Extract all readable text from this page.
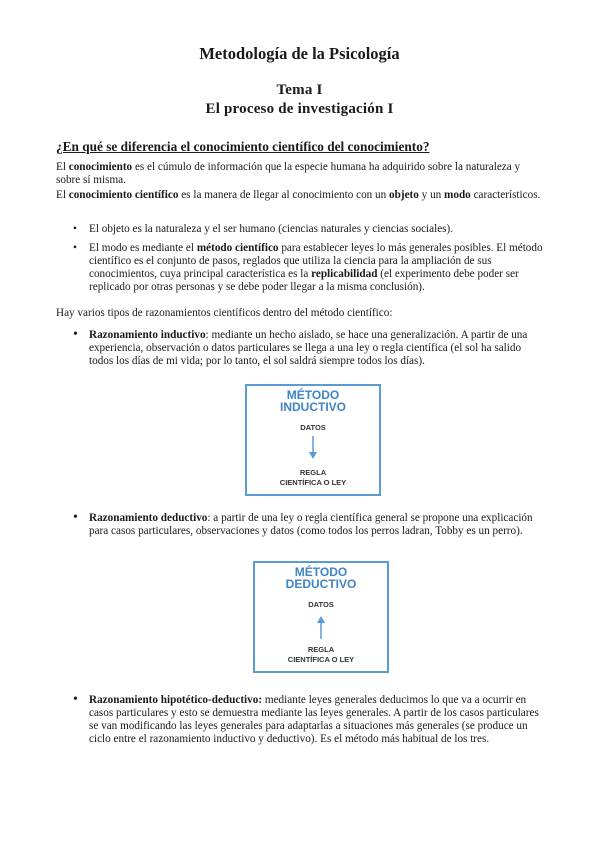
Metodología de la Psicología
Tema I
El proceso de investigación I
¿En qué se diferencia el conocimiento científico del conocimiento?
El conocimiento es el cúmulo de información que la especie humana ha adquirido sobre la naturaleza y sobre sí misma.
El conocimiento científico es la manera de llegar al conocimiento con un objeto y un modo característicos.
• El objeto es la naturaleza y el ser humano (ciencias naturales y ciencias sociales).
• El modo es mediante el método científico para establecer leyes lo más generales posibles. El método científico es el conjunto de pasos, reglados que utiliza la ciencia para la ampliación de sus conocimientos, cuya principal característica es la replicabilidad (el experimento debe poder ser replicado por otras personas y se debe poder llegar a la misma conclusión).
Hay varios tipos de razonamientos científicos dentro del método científico:
• Razonamiento inductivo: mediante un hecho aislado, se hace una generalización. A partir de una experiencia, observación o datos particulares se llega a una ley o regla científica (el sol ha salido todos los días de mi vida; por lo tanto, el sol saldrá siempre todos los días).
MÉTODO
INDUCTIVO
DATOS
REGLA
CIENTÍFICA O LEY
• Razonamiento deductivo: a partir de una ley o regla científica general se propone una explicación para casos particulares, observaciones y datos (como todos los perros ladran, Tobby es un perro).
MÉTODO
DEDUCTIVO
DATOS
REGLA
CIENTÍFICA O LEY
• Razonamiento hipotético-deductivo: mediante leyes generales deducimos lo que va a ocurrir en casos particulares y esto se demuestra mediante las leyes generales. A partir de los casos particulares se van modificando las leyes generales para adaptarlas a situaciones más generales (se produce un ciclo entre el razonamiento inductivo y deductivo). Es el método más habitual de los tres.
